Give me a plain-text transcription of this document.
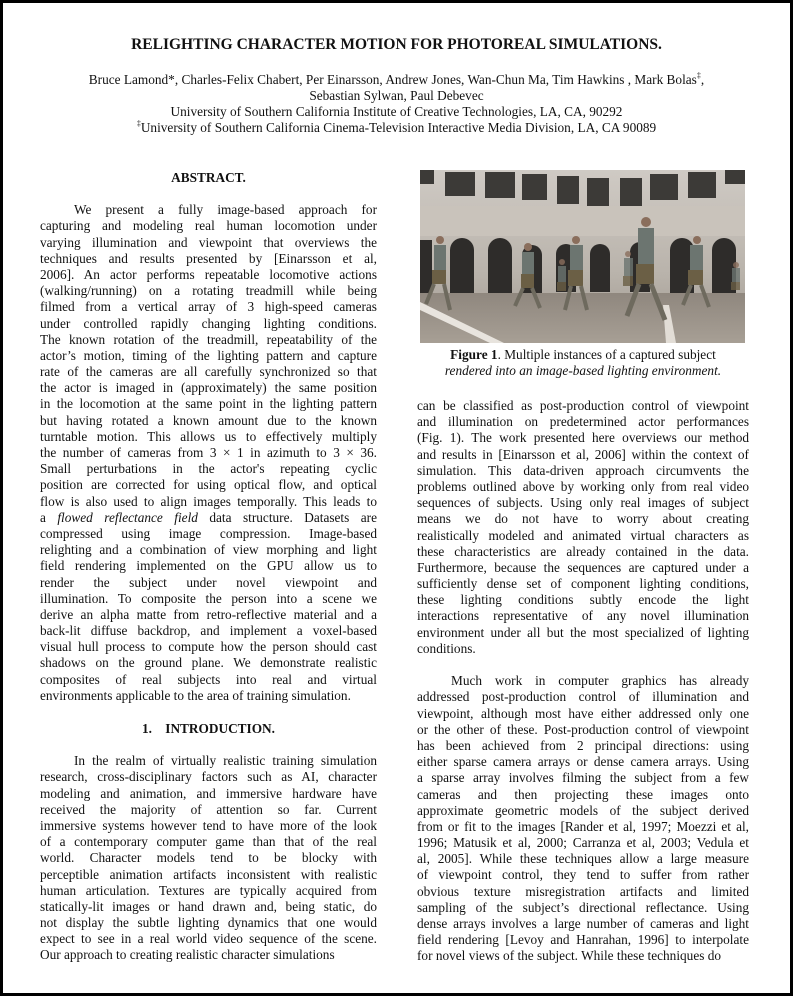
RELIGHTING CHARACTER MOTION FOR PHOTOREAL SIMULATIONS.
Bruce Lamond*, Charles-Felix Chabert, Per Einarsson, Andrew Jones, Wan-Chun Ma, Tim Hawkins , Mark Bolas‡,
Sebastian Sylwan, Paul Debevec
University of Southern California Institute of Creative Technologies, LA, CA, 90292
‡University of Southern California Cinema-Television Interactive Media Division, LA, CA 90089
ABSTRACT.
We present a fully image-based approach for
capturing and modeling real human locomotion under
varying illumination and viewpoint that overviews the
techniques and results presented by [Einarsson et al,
2006]. An actor performs repeatable locomotive actions
(walking/running) on a rotating treadmill while being
filmed from a vertical array of 3 high-speed cameras
under controlled rapidly changing lighting conditions.
The known rotation of the treadmill, repeatability of the
actor’s motion, timing of the lighting pattern and capture
rate of the cameras are all carefully synchronized so that
the actor is imaged in (approximately) the same position
in the locomotion at the same point in the lighting pattern
but having rotated a known amount due to the known
turntable motion. This allows us to effectively multiply
the number of cameras from 3 × 1 in azimuth to 3 × 36.
Small perturbations in the actor's repeating cyclic
position are corrected for using optical flow, and optical
flow is also used to align images temporally. This leads to
a flowed reflectance field data structure. Datasets are
compressed using image compression. Image-based
relighting and a combination of view morphing and light
field rendering implemented on the GPU allow us to
render the subject under novel viewpoint and
illumination. To composite the person into a scene we
derive an alpha matte from retro-reflective material and a
back-lit diffuse backdrop, and implement a voxel-based
visual hull process to compute how the person should cast
shadows on the ground plane. We demonstrate realistic
composites of real subjects into real and virtual
environments applicable to the area of training simulation.
1.    INTRODUCTION.
In the realm of virtually realistic training simulation
research, cross-disciplinary factors such as AI, character
modeling and animation, and immersive hardware have
received the majority of attention so far. Current
immersive systems however tend to have more of the look
of a contemporary computer game than that of the real
world. Character models tend to be blocky with
perceptible animation artifacts inconsistent with realistic
human articulation. Textures are typically acquired from
statically-lit images or hand drawn and, being static, do
not display the subtle lighting dynamics that one would
expect to see in a real world video sequence of the scene.
Our approach to creating realistic character simulations
Figure 1. Multiple instances of a captured subject
rendered into an image-based lighting environment.
can be classified as post-production control of viewpoint
and illumination on predetermined actor performances
(Fig. 1). The work presented here overviews our method
and results in [Einarsson et al, 2006] within the context of
simulation. This data-driven approach circumvents the
problems outlined above by working only from real video
sequences of subjects. Using only real images of subject
means we do not have to worry about creating
realistically modeled and animated virtual characters as
these characteristics are already contained in the data.
Furthermore, because the sequences are captured under a
sufficiently dense set of component lighting conditions,
these lighting conditions subtly encode the light
interactions representative of any novel illumination
environment under all but the most specialized of lighting
conditions.
Much work in computer graphics has already
addressed post-production control of illumination and
viewpoint, although most have either addressed only one
or the other of these. Post-production control of viewpoint
has been achieved from 2 principal directions: using
either sparse camera arrays or dense camera arrays. Using
a sparse array involves filming the subject from a few
cameras and then projecting these images onto
approximate geometric models of the subject derived
from or fit to the images [Rander et al, 1997; Moezzi et al,
1996; Matusik et al, 2000; Carranza et al, 2003; Vedula et
al, 2005]. While these techniques allow a large measure
of viewpoint control, they tend to suffer from rather
obvious texture misregistration artifacts and limited
sampling of the subject’s directional reflectance. Using
dense arrays involves a large number of cameras and light
field rendering [Levoy and Hanrahan, 1996] to interpolate
for novel views of the subject. While these techniques do
